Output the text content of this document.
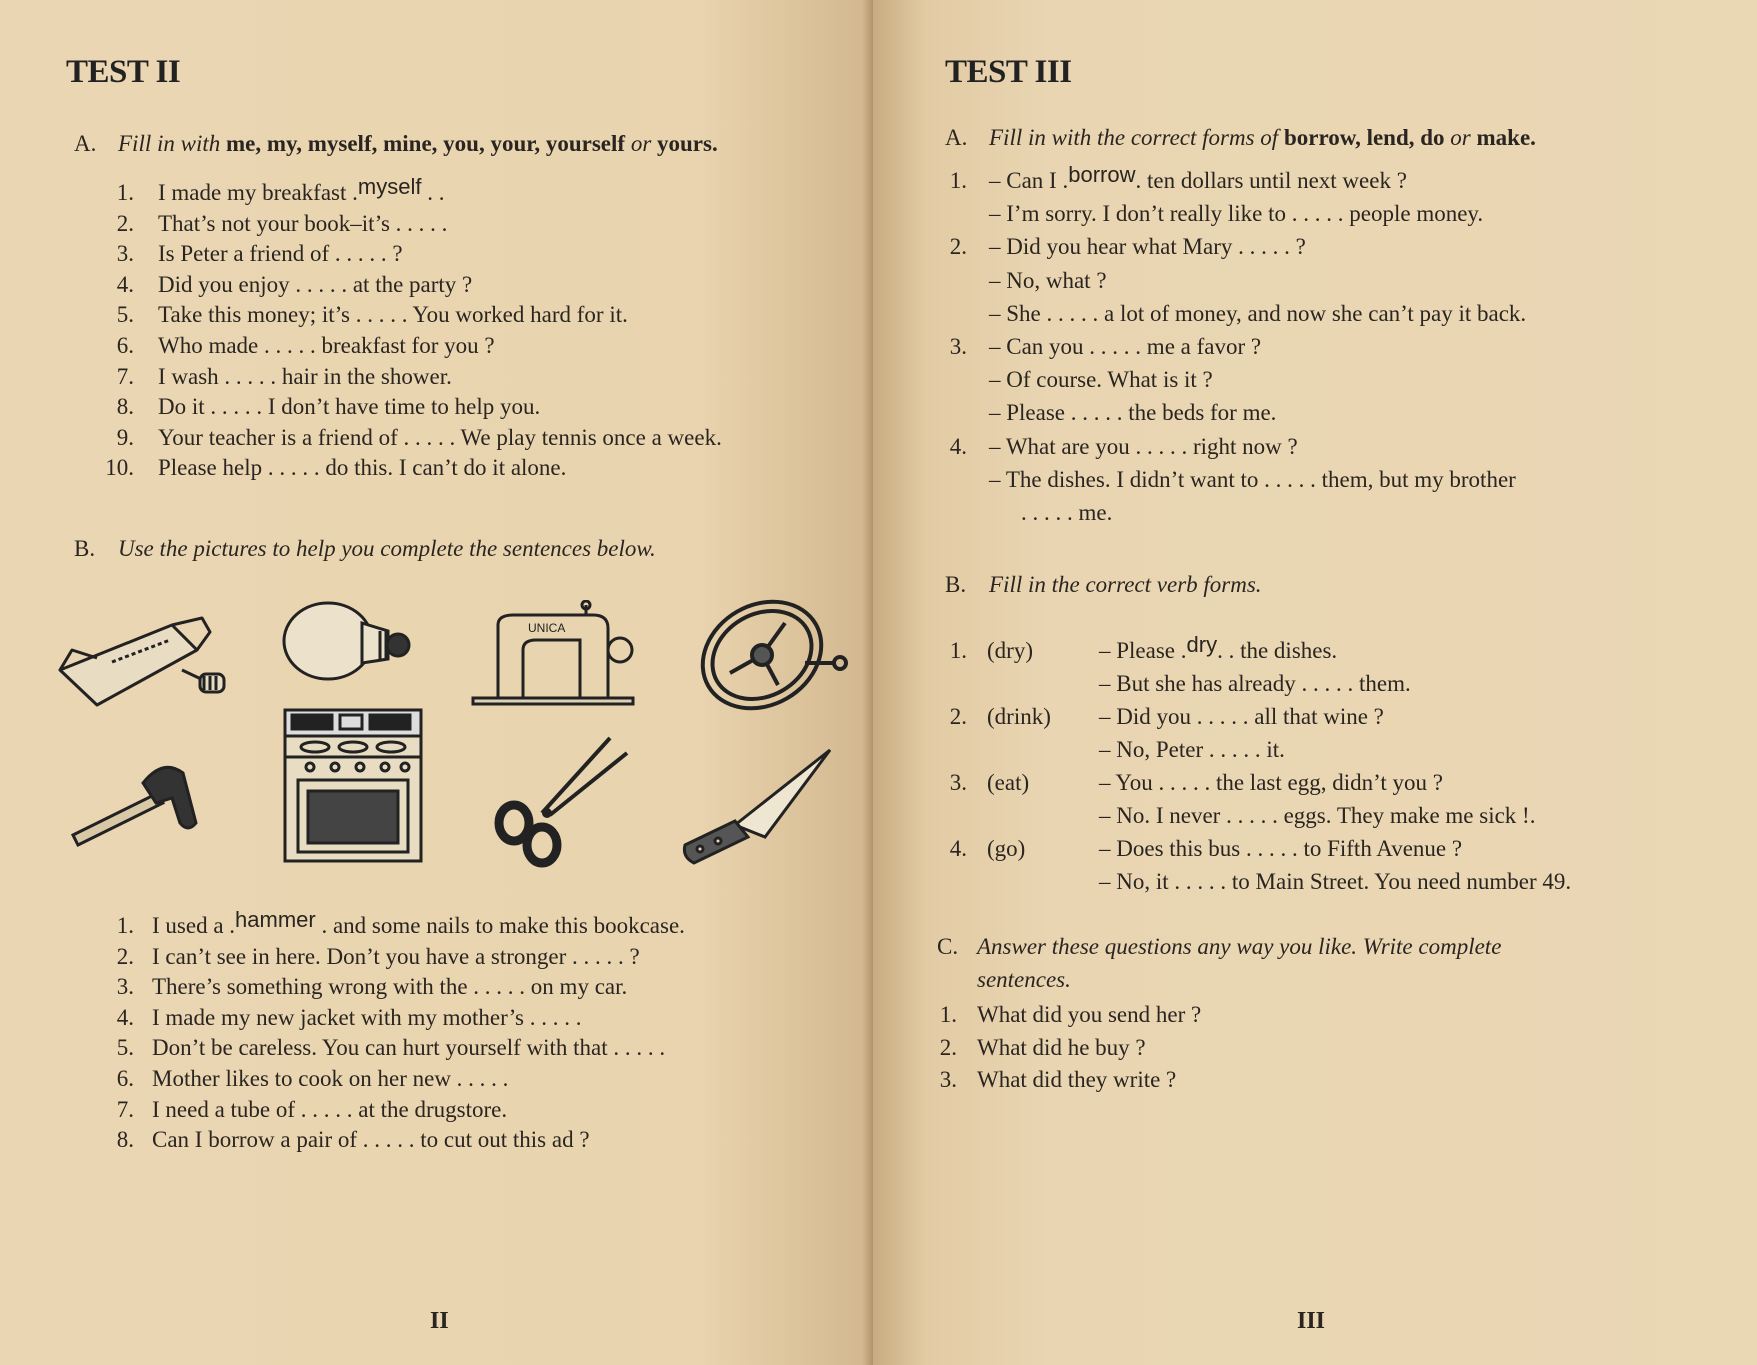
TEST II
A. Fill in with me, my, myself, mine, you, your, yourself or yours.
1. I made my breakfast .myself . .
2. That’s not your book–it’s . . . . .
3. Is Peter a friend of . . . . . ?
4. Did you enjoy . . . . . at the party ?
5. Take this money; it’s . . . . . You worked hard for it.
6. Who made . . . . . breakfast for you ?
7. I wash . . . . . hair in the shower.
8. Do it . . . . . I don’t have time to help you.
9. Your teacher is a friend of . . . . . We play tennis once a week.
10. Please help . . . . . do this. I can’t do it alone.
B. Use the pictures to help you complete the sentences below.
UNICA
1. I used a .hammer . and some nails to make this bookcase.
2. I can’t see in here. Don’t you have a stronger . . . . . ?
3. There’s something wrong with the . . . . . on my car.
4. I made my new jacket with my mother’s . . . . .
5. Don’t be careless. You can hurt yourself with that . . . . .
6. Mother likes to cook on her new . . . . .
7. I need a tube of . . . . . at the drugstore.
8. Can I borrow a pair of . . . . . to cut out this ad ?
II
TEST III
A. Fill in with the correct forms of borrow, lend, do or make.
1. – Can I .borrow. ten dollars until next week ?
– I’m sorry. I don’t really like to . . . . . people money.
2. – Did you hear what Mary . . . . . ?
– No, what ?
– She . . . . . a lot of money, and now she can’t pay it back.
3. – Can you . . . . . me a favor ?
– Of course. What is it ?
– Please . . . . . the beds for me.
4. – What are you . . . . . right now ?
– The dishes. I didn’t want to . . . . . them, but my brother
. . . . . me.
B. Fill in the correct verb forms.
1. (dry)	– Please .dry. . the dishes.
– But she has already . . . . . them.
2. (drink) – Did you . . . . . all that wine ?
– No, Peter . . . . . it.
3. (eat)	– You . . . . . the last egg, didn’t you ?
– No. I never . . . . . eggs. They make me sick !.
4. (go)	– Does this bus . . . . . to Fifth Avenue ?
– No, it . . . . . to Main Street. You need number 49.
C. Answer these questions any way you like. Write complete
sentences.
1. What did you send her ?
2. What did he buy ?
3. What did they write ?
III
